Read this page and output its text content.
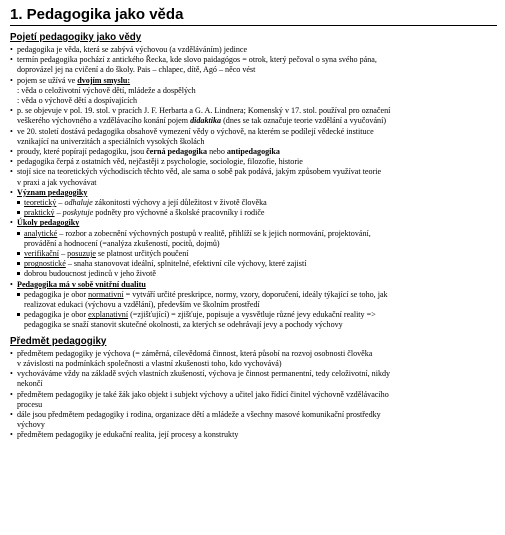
1. Pedagogika jako věda
Pojetí pedagogiky jako vědy
• pedagogika je věda, která se zabývá výchovou (a vzděláváním) jedince
• termín pedagogika pochází z antického Řecka, kde slovo paidagógos = otrok, který pečoval o syna svého pána,
doprovázel jej na cvičení a do školy. Pais – chlapec, dítě, Agó – něco vést
• pojem se užívá ve dvojím smyslu:
: věda o celoživotní výchově dětí, mládeže a dospělých
: věda o výchově dětí a dospívajících
• p. se objevuje v pol. 19. stol. v pracích J. F. Herbarta a G. A. Lindnera; Komenský v 17. stol. používal pro označení
veškerého výchovného a vzdělávacího konání pojem didaktika (dnes se tak označuje teorie vzdělání a vyučování)
• ve 20. století dostává pedagogika obsahově vymezení vědy o výchově, na kterém se podílejí vědecké instituce
vznikající na univerzitách a speciálních vysokých školách
• proudy, které popírají pedagogiku, jsou černá pedagogika nebo antipedagogika
• pedagogika čerpá z ostatních věd, nejčastěji z psychologie, sociologie, filozofie, historie
• stojí sice na teoretických východiscích těchto věd, ale sama o sobě pak podává, jakým způsobem využívat teorie
v praxi a jak vychovávat
• Význam pedagogiky
teoretický – odhaluje zákonitosti výchovy a její důležitost v životě člověka
praktický – poskytuje podněty pro výchovné a školské pracovníky i rodiče
• Úkoly pedagogiky
analytické – rozbor a zobecnění výchovných postupů v realitě, přihlíží se k jejich normování, projektování,
provádění a hodnocení (=analýza zkušeností, pocitů, dojmů)
verifikační – posuzuje se platnost určitých poučení
prognostické – snaha stanovovat ideální, splnitelné, efektivní cíle výchovy, které zajistí
dobrou budoucnost jedinců v jeho životě
• Pedagogika má v sobě vnitřní dualitu
pedagogika je obor normativní = vytváří určité preskripce, normy, vzory, doporučení, ideály týkající se toho, jak
realizovat edukaci (výchovu a vzdělání), především ve školním prostředí
pedagogika je obor explanativní (=zjišťující) = zjišťuje, popisuje a vysvětluje různé jevy edukační reality =>
pedagogika se snaží stanovit skutečné okolnosti, za kterých se odehrávají jevy a pochody výchovy
Předmět pedagogiky
• předmětem pedagogiky je výchova (= záměrná, cílevědomá činnost, která působí na rozvoj osobnosti člověka
v závislosti na podmínkách společnosti a vlastní zkušenosti toho, kdo vychovává)
• vychováváme vždy na základě svých vlastních zkušeností, výchova je činnost permanentní, tedy celoživotní, nikdy
nekončí
• předmětem pedagogiky je také žák jako objekt i subjekt výchovy a učitel jako řídící činitel výchovně vzdělávacího
procesu
• dále jsou předmětem pedagogiky i rodina, organizace dětí a mládeže a všechny masové komunikační prostředky
výchovy
• předmětem pedagogiky je edukační realita, její procesy a konstrukty
